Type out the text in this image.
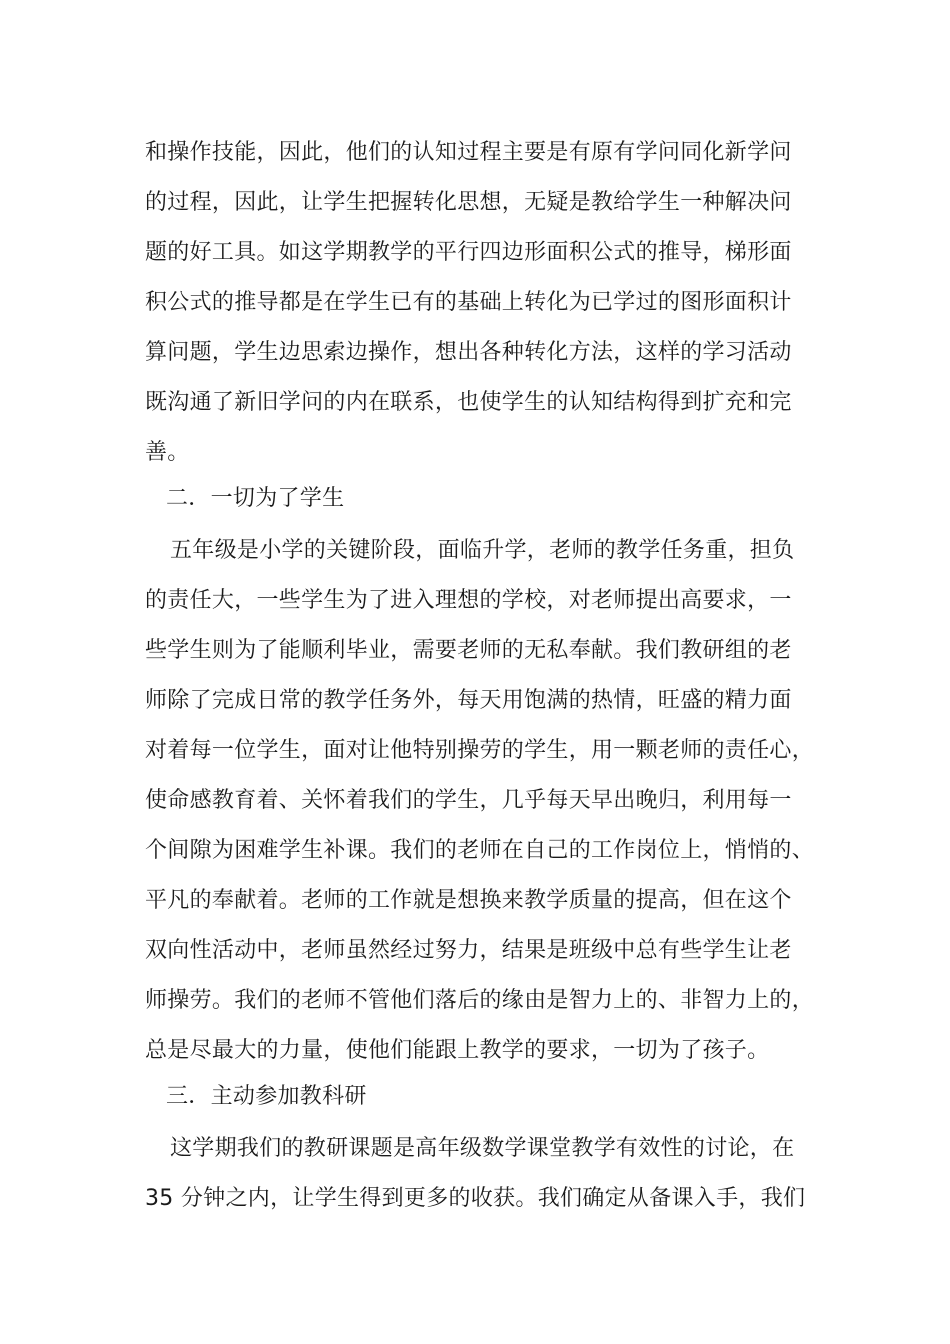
和操作技能，因此，他们的认知过程主要是有原有学问同化新学问
的过程，因此，让学生把握转化思想，无疑是教给学生一种解决问
题的好工具。如这学期教学的平行四边形面积公式的推导，梯形面
积公式的推导都是在学生已有的基础上转化为已学过的图形面积计
算问题，学生边思索边操作，想出各种转化方法，这样的学习活动
既沟通了新旧学问的内在联系，也使学生的认知结构得到扩充和完
善。
二．一切为了学生
五年级是小学的关键阶段，面临升学，老师的教学任务重，担负
的责任大，一些学生为了进入理想的学校，对老师提出高要求，一
些学生则为了能顺利毕业，需要老师的无私奉献。我们教研组的老
师除了完成日常的教学任务外，每天用饱满的热情，旺盛的精力面
对着每一位学生，面对让他特别操劳的学生，用一颗老师的责任心，
使命感教育着、关怀着我们的学生，几乎每天早出晚归，利用每一
个间隙为困难学生补课。我们的老师在自己的工作岗位上，悄悄的、
平凡的奉献着。老师的工作就是想换来教学质量的提高，但在这个
双向性活动中，老师虽然经过努力，结果是班级中总有些学生让老
师操劳。我们的老师不管他们落后的缘由是智力上的、非智力上的，
总是尽最大的力量，使他们能跟上教学的要求，一切为了孩子。
三．主动参加教科研
这学期我们的教研课题是高年级数学课堂教学有效性的讨论，在
35 分钟之内，让学生得到更多的收获。我们确定从备课入手，我们
